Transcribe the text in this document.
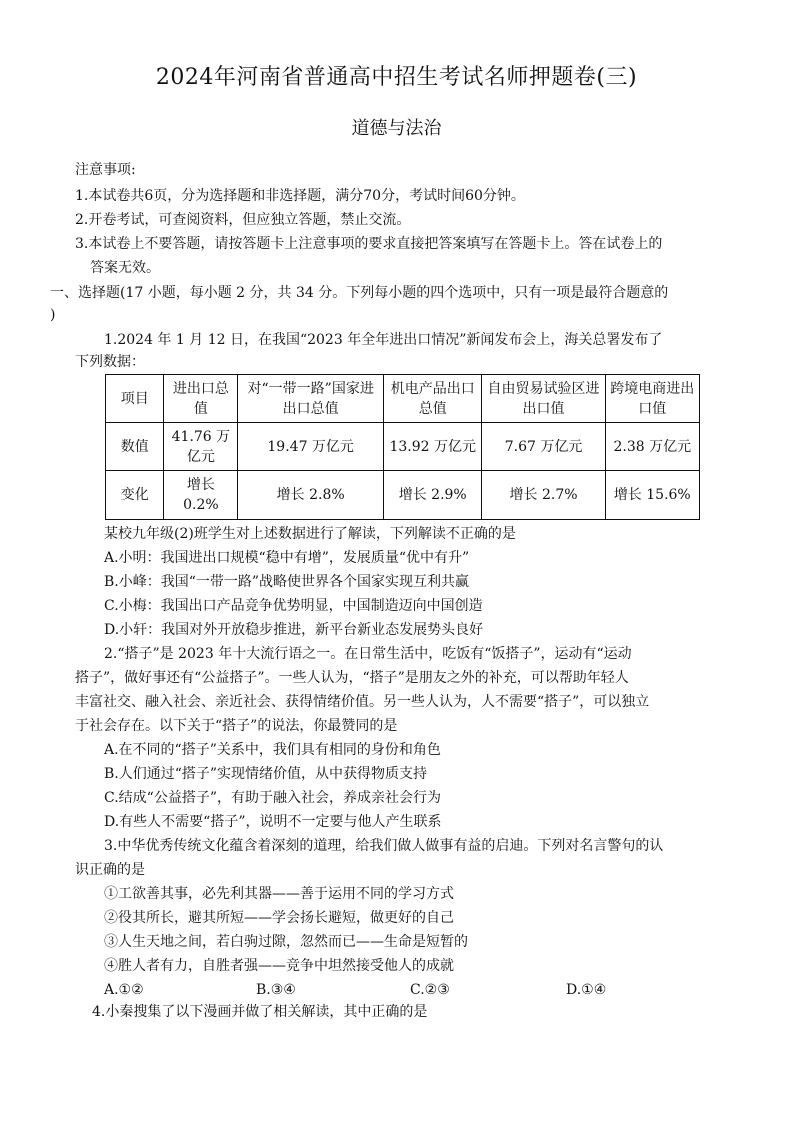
2024年河南省普通高中招生考试名师押题卷(三)
道德与法治
注意事项:
1.本试卷共6页，分为选择题和非选择题，满分70分，考试时间60分钟。
2.开卷考试，可查阅资料，但应独立答题，禁止交流。
3.本试卷上不要答题，请按答题卡上注意事项的要求直接把答案填写在答题卡上。答在试卷上的
答案无效。
一、选择题(17 小题，每小题 2 分，共 34 分。下列每小题的四个选项中，只有一项是最符合题意的
)
1.2024 年 1 月 12 日，在我国“2023 年全年进出口情况”新闻发布会上，海关总署发布了
下列数据：
项目	进出口总值	对“一带一路”国家进出口总值	机电产品出口总值	自由贸易试验区进出口值	跨境电商进出口值
数值	41.76 万亿元	19.47 万亿元	13.92 万亿元	7.67 万亿元	2.38 万亿元
变化	增长 0.2%	增长 2.8%	增长 2.9%	增长 2.7%	增长 15.6%
某校九年级(2)班学生对上述数据进行了解读，下列解读不正确的是
A.小明：我国进出口规模“稳中有增”，发展质量“优中有升”
B.小峰：我国“一带一路”战略使世界各个国家实现互利共赢
C.小梅：我国出口产品竞争优势明显，中国制造迈向中国创造
D.小轩：我国对外开放稳步推进，新平台新业态发展势头良好
2.“搭子”是 2023 年十大流行语之一。在日常生活中，吃饭有“饭搭子”，运动有“运动
搭子”，做好事还有“公益搭子”。一些人认为，“搭子”是朋友之外的补充，可以帮助年轻人
丰富社交、融入社会、亲近社会、获得情绪价值。另一些人认为，人不需要“搭子”，可以独立
于社会存在。以下关于“搭子”的说法，你最赞同的是
A.在不同的“搭子”关系中，我们具有相同的身份和角色
B.人们通过“搭子”实现情绪价值，从中获得物质支持
C.结成“公益搭子”，有助于融入社会，养成亲社会行为
D.有些人不需要“搭子”，说明不一定要与他人产生联系
3.中华优秀传统文化蕴含着深刻的道理，给我们做人做事有益的启迪。下列对名言警句的认
识正确的是
①工欲善其事，必先利其器——善于运用不同的学习方式
②役其所长，避其所短——学会扬长避短，做更好的自己
③人生天地之间，若白驹过隙，忽然而已——生命是短暂的
④胜人者有力，自胜者强——竞争中坦然接受他人的成就
A.①②	B.③④	C.②③	D.①④
4.小秦搜集了以下漫画并做了相关解读，其中正确的是
